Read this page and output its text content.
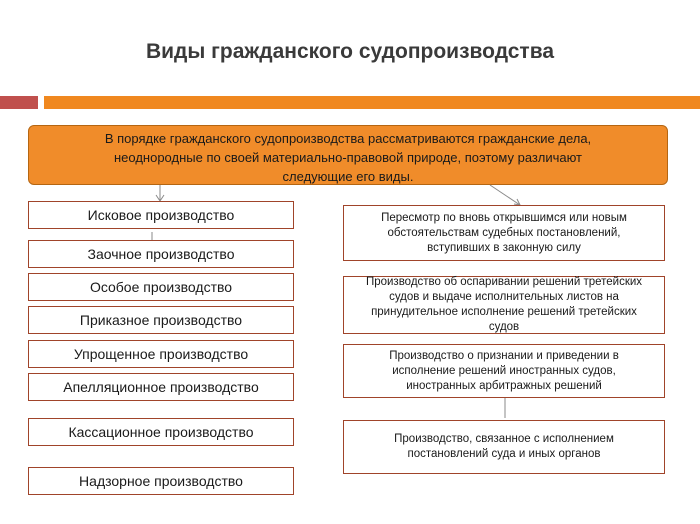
Виды гражданского судопроизводства
В порядке гражданского судопроизводства рассматриваются гражданские дела,
неоднородные по своей материально-правовой природе, поэтому различают
следующие его виды.
Исковое производство
Заочное производство
Особое производство
Приказное производство
Упрощенное производство
Апелляционное производство
Кассационное производство
Надзорное производство
Пересмотр по вновь открывшимся или новым
обстоятельствам судебных постановлений,
вступивших в законную силу
Производство об оспаривании решений третейских
судов и выдаче исполнительных листов на
принудительное исполнение решений третейских
судов
Производство о признании и приведении в
исполнение решений иностранных судов,
иностранных арбитражных решений
Производство, связанное с исполнением
постановлений суда и иных органов
